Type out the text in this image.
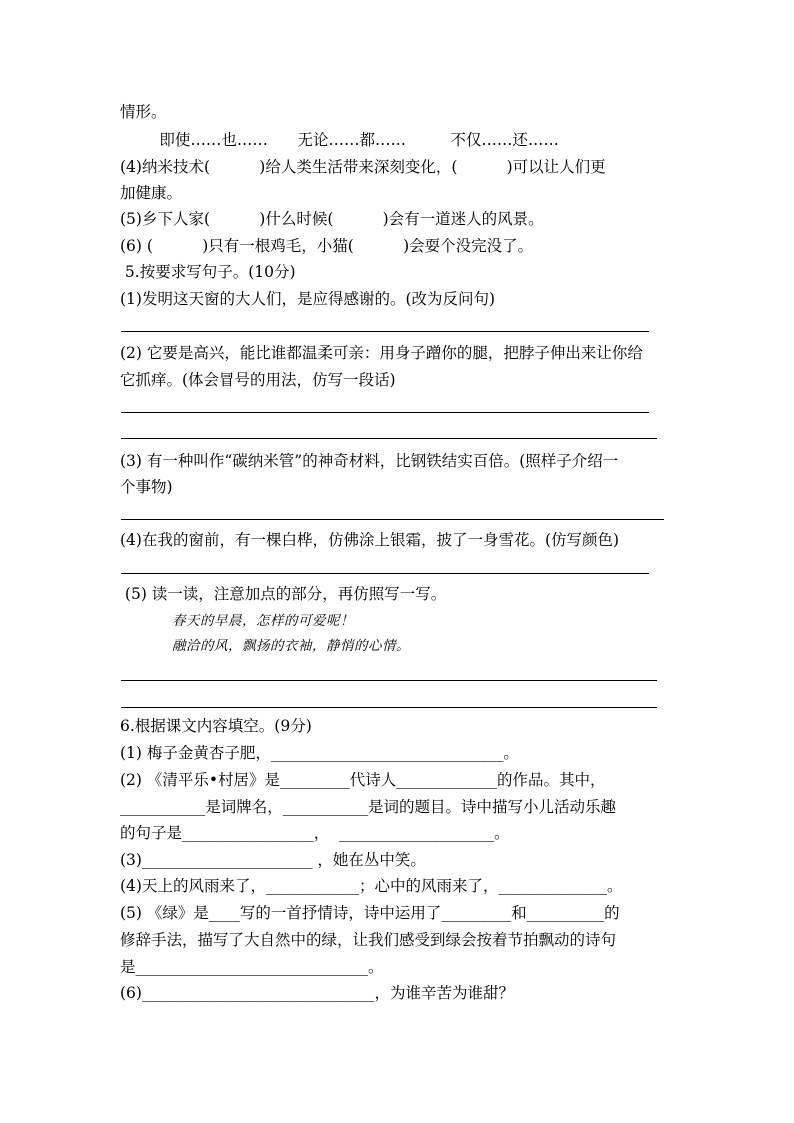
情形。
即使……也……      无论……都……         不仅……还……
(4)纳米技术(          )给人类生活带来深刻变化，(          )可以让人们更
加健康。
(5)乡下人家(          )什么时候(          )会有一道迷人的风景。
(6) (          )只有一根鸡毛，小猫(          )会耍个没完没了。
5.按要求写句子。(10分)
(1)发明这天窗的大人们，是应得感谢的。(改为反问句)
(2) 它要是高兴，能比谁都温柔可亲：用身子蹭你的腿，把脖子伸出来让你给
它抓痒。(体会冒号的用法，仿写一段话)
(3) 有一种叫作“碳纳米管”的神奇材料，比钢铁结实百倍。(照样子介绍一
个事物)
(4)在我的窗前，有一棵白桦，仿佛涂上银霜，披了一身雪花。(仿写颜色)
(5) 读一读，注意加点的部分，再仿照写一写。
春天的早晨，怎样的可爱呢！
融洽的风，飘扬的衣袖，静悄的心情。
6.根据课文内容填空。(9分)
(1) 梅子金黄杏子肥，______________________________。
(2) 《清平乐•村居》是_________代诗人_____________的作品。其中，
___________是词牌名，___________是词的题目。诗中描写小儿活动乐趣
的句子是_________________，  ____________________。
(3)______________________ ，她在丛中笑。
(4)天上的风雨来了，____________；心中的风雨来了，______________。
(5) 《绿》是____写的一首抒情诗，诗中运用了_________和__________的
修辞手法，描写了大自然中的绿，让我们感受到绿会按着节拍飘动的诗句
是______________________________。
(6)______________________________，为谁辛苦为谁甜？
